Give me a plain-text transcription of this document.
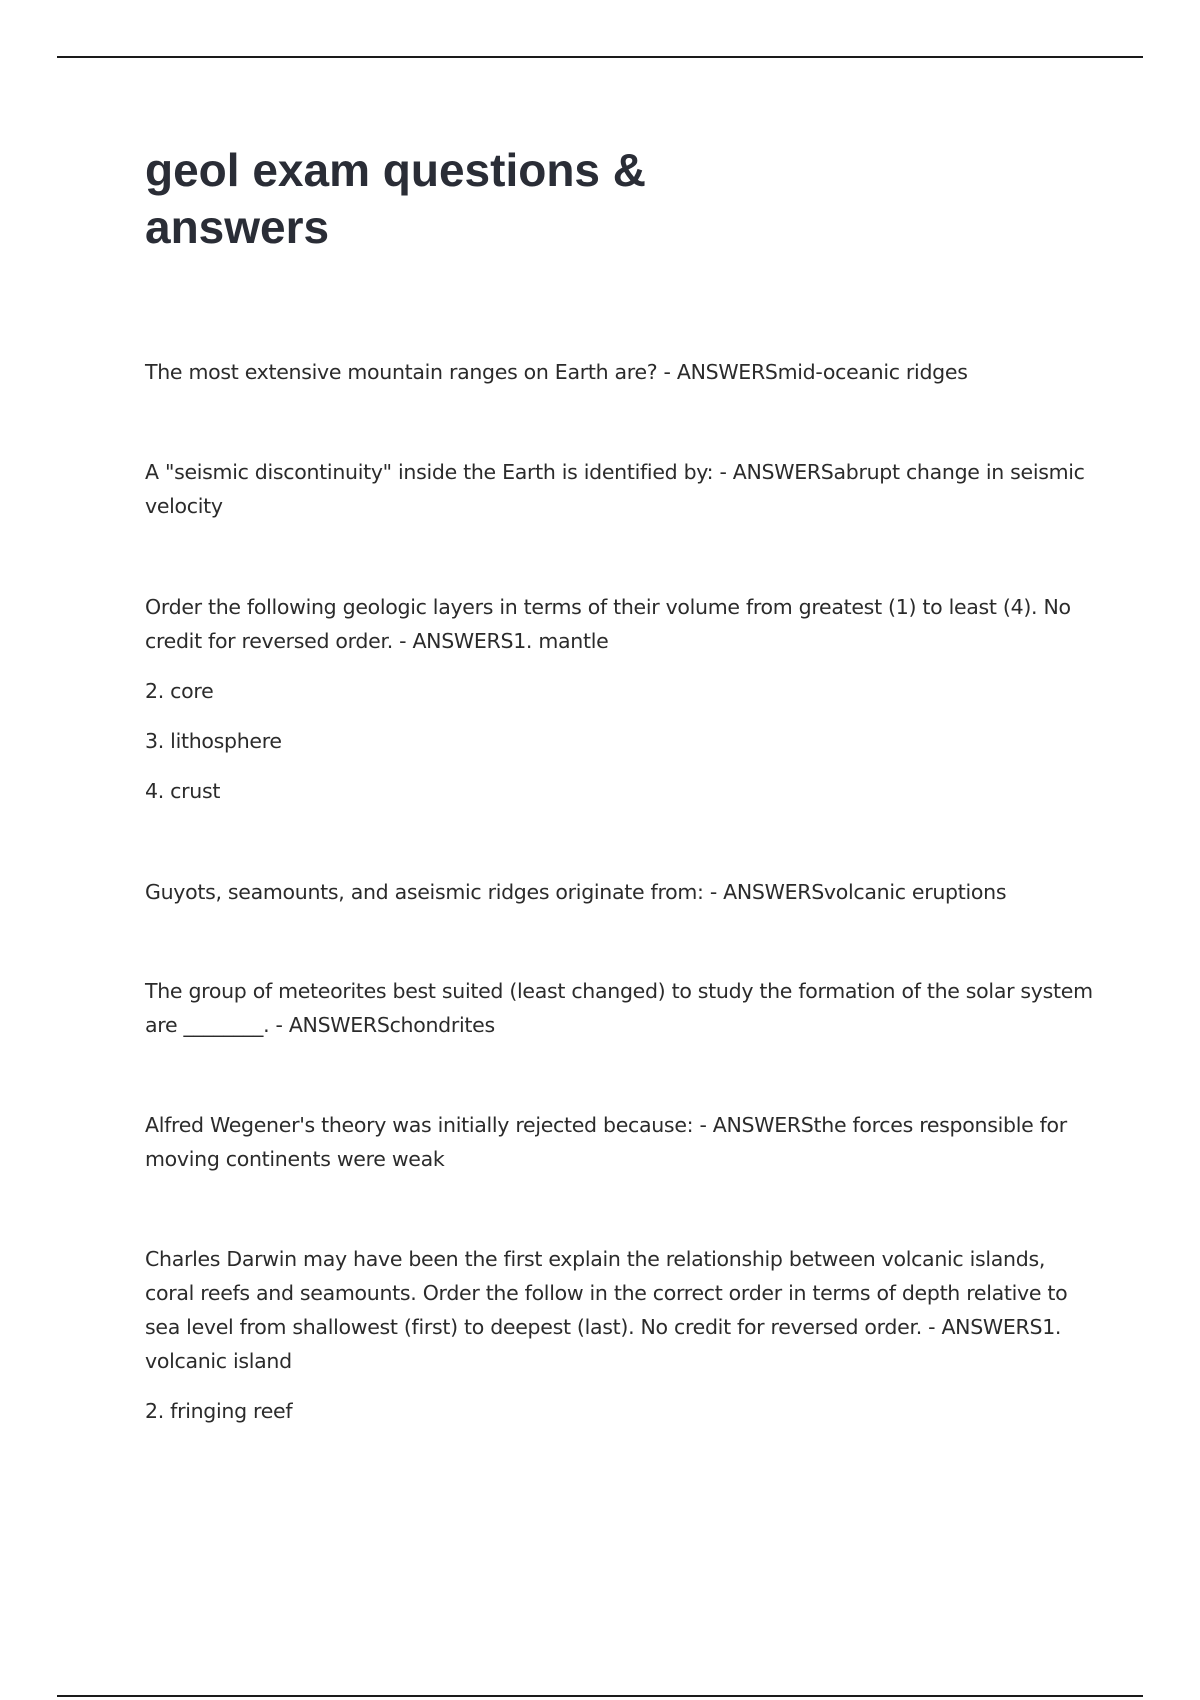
geol exam questions & answers

The most extensive mountain ranges on Earth are? - ANSWERSmid-oceanic ridges

A "seismic discontinuity" inside the Earth is identified by: - ANSWERSabrupt change in seismic velocity

Order the following geologic layers in terms of their volume from greatest (1) to least (4). No credit for reversed order. - ANSWERS1. mantle

2. core

3. lithosphere

4. crust

Guyots, seamounts, and aseismic ridges originate from: - ANSWERSvolcanic eruptions

The group of meteorites best suited (least changed) to study the formation of the solar system are ________. - ANSWERSchondrites

Alfred Wegener's theory was initially rejected because: - ANSWERSthe forces responsible for moving continents were weak

Charles Darwin may have been the first explain the relationship between volcanic islands, coral reefs and seamounts. Order the follow in the correct order in terms of depth relative to sea level from shallowest (first) to deepest (last). No credit for reversed order. - ANSWERS1. volcanic island

2. fringing reef
